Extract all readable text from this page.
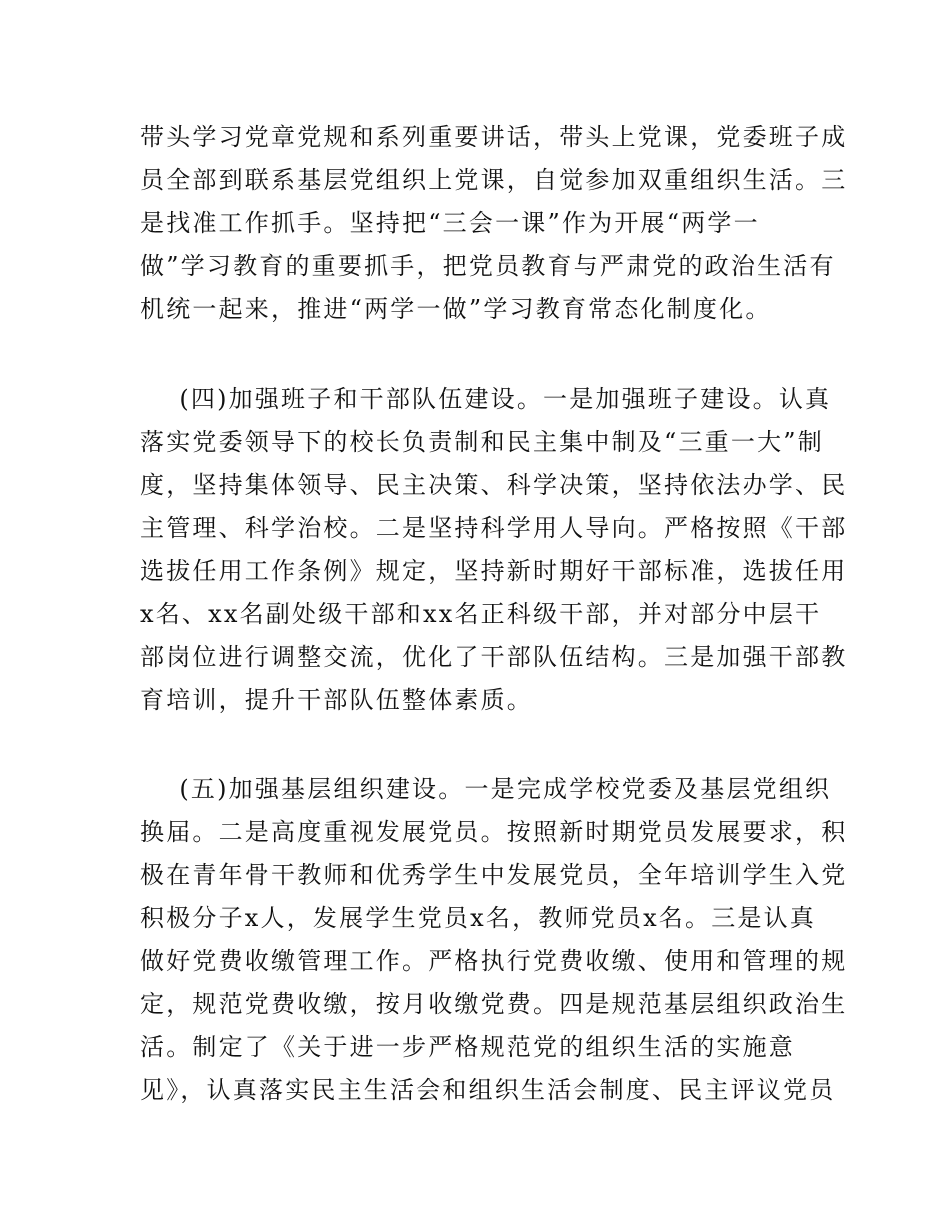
带头学习党章党规和系列重要讲话，带头上党课，党委班子成
员全部到联系基层党组织上党课，自觉参加双重组织生活。三
是找准工作抓手。坚持把“三会一课”作为开展“两学一
做”学习教育的重要抓手，把党员教育与严肃党的政治生活有
机统一起来，推进“两学一做”学习教育常态化制度化。
(四)加强班子和干部队伍建设。一是加强班子建设。认真
落实党委领导下的校长负责制和民主集中制及“三重一大”制
度，坚持集体领导、民主决策、科学决策，坚持依法办学、民
主管理、科学治校。二是坚持科学用人导向。严格按照《干部
选拔任用工作条例》规定，坚持新时期好干部标准，选拔任用
x名、xx名副处级干部和xx名正科级干部，并对部分中层干
部岗位进行调整交流，优化了干部队伍结构。三是加强干部教
育培训，提升干部队伍整体素质。
(五)加强基层组织建设。一是完成学校党委及基层党组织
换届。二是高度重视发展党员。按照新时期党员发展要求，积
极在青年骨干教师和优秀学生中发展党员，全年培训学生入党
积极分子x人，发展学生党员x名，教师党员x名。三是认真
做好党费收缴管理工作。严格执行党费收缴、使用和管理的规
定，规范党费收缴，按月收缴党费。四是规范基层组织政治生
活。制定了《关于进一步严格规范党的组织生活的实施意
见》，认真落实民主生活会和组织生活会制度、民主评议党员
